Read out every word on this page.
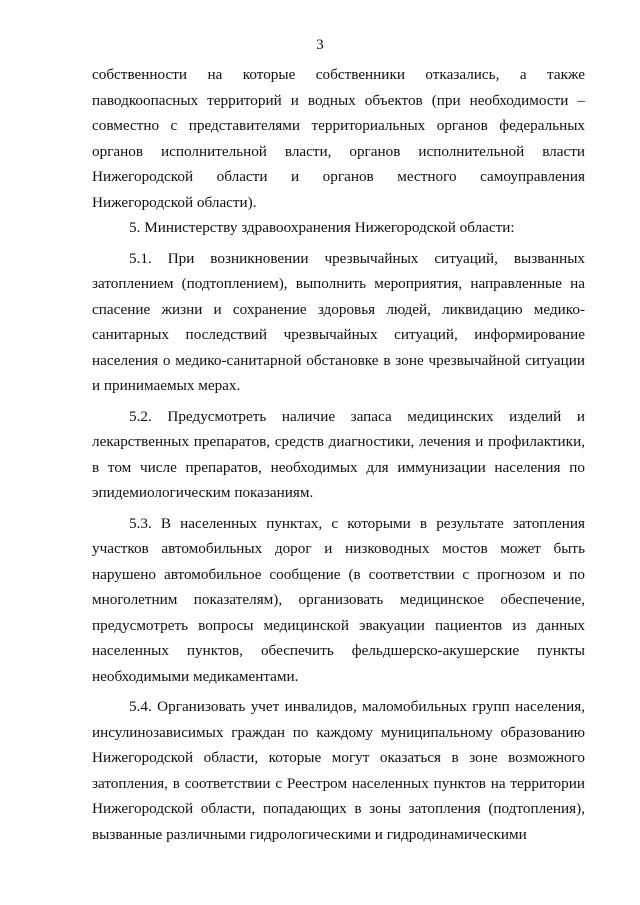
3

собственности на которые собственники отказались, а также паводкоопасных территорий и водных объектов (при необходимости – совместно с представителями территориальных органов федеральных органов исполнительной власти, органов исполнительной власти Нижегородской области и органов местного самоуправления Нижегородской области).

5. Министерству здравоохранения Нижегородской области:

5.1. При возникновении чрезвычайных ситуаций, вызванных затоплением (подтоплением), выполнить мероприятия, направленные на спасение жизни и сохранение здоровья людей, ликвидацию медико-санитарных последствий чрезвычайных ситуаций, информирование населения о медико-санитарной обстановке в зоне чрезвычайной ситуации и принимаемых мерах.

5.2. Предусмотреть наличие запаса медицинских изделий и лекарственных препаратов, средств диагностики, лечения и профилактики, в том числе препаратов, необходимых для иммунизации населения по эпидемиологическим показаниям.

5.3. В населенных пунктах, с которыми в результате затопления участков автомобильных дорог и низководных мостов может быть нарушено автомобильное сообщение (в соответствии с прогнозом и по многолетним показателям), организовать медицинское обеспечение, предусмотреть вопросы медицинской эвакуации пациентов из данных населенных пунктов, обеспечить фельдшерско-акушерские пункты необходимыми медикаментами.

5.4. Организовать учет инвалидов, маломобильных групп населения, инсулинозависимых граждан по каждому муниципальному образованию Нижегородской области, которые могут оказаться в зоне возможного затопления, в соответствии с Реестром населенных пунктов на территории Нижегородской области, попадающих в зоны затопления (подтопления), вызванные различными гидрологическими и гидродинамическими
